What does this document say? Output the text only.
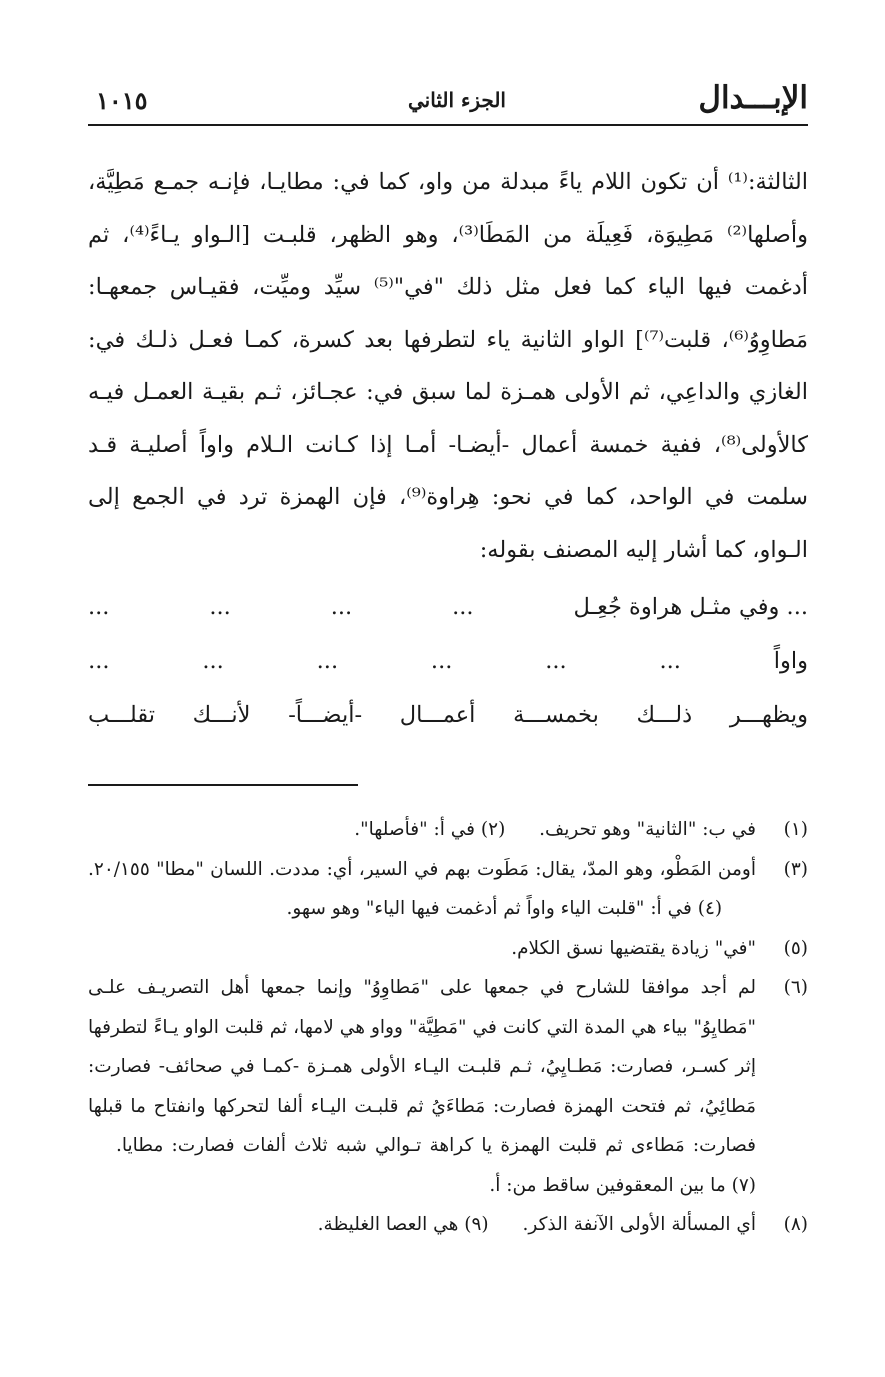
الإبـــدال
الجزء الثاني
١٠١٥

الثالثة:⁽¹⁾ أن تكون اللام ياءً مبدلة من واو، كما في: مطايـا، فإنـه جمـع مَطِيَّة، وأصلها⁽²⁾ مَطِيوَة، فَعِيلَة من المَطَا⁽³⁾، وهو الظهر، قلبـت [الـواو يـاءً⁽⁴⁾، ثم أدغمت فيها الياء كما فعل مثل ذلك "في"⁽⁵⁾ سيِّد وميِّت، فقيـاس جمعهـا: مَطاوِوُ⁽⁶⁾، قلبت⁽⁷⁾] الواو الثانية ياء لتطرفها بعد كسرة، كمـا فعـل ذلـك في: الغازي والداعِي، ثم الأولى همـزة لما سبق في: عجـائز، ثـم بقيـة العمـل فيـه كالأولى⁽⁸⁾، ففية خمسة أعمال -أيضـا- أمـا إذا كـانت الـلام واواً أصليـة قـد سلمت في الواحد، كما في نحو: هِراوة⁽⁹⁾، فإن الهمزة ترد في الجمع إلى الـواو، كما أشار إليه المصنف بقوله:

... وفي مثـل هراوة جُعِـل
...
...
...
...
واواً
...
...
...
...
...
...
ويظهـــر ذلـــك بخمســـة أعمـــال -أيضـــاً- لأنـــك تقلـــب
(١)
في ب: "الثانية" وهو تحريف. (٢) في أ: "فأصلها".
(٣)
أومن المَطْو، وهو المدّ، يقال: مَطَوت بهم في السير، أي: مددت. اللسان "مطا" ٢٠/١٥٥. (٤) في أ: "قلبت الياء واواً ثم أدغمت فيها الياء" وهو سهو.
(٥)
"في" زيادة يقتضيها نسق الكلام.
(٦)
لم أجد موافقا للشارح في جمعها على "مَطاوِوُ" وإنما جمعها أهل التصريـف علـى "مَطايِوُ" بياء هي المدة التي كانت في "مَطِيَّة" وواو هي لامها، ثم قلبت الواو يـاءً لتطرفها إثر كسـر، فصارت: مَطـايِيُ، ثـم قلبـت اليـاء الأولى همـزة -كمـا في صحائف- فصارت: مَطائِيُ، ثم فتحت الهمزة فصارت: مَطاءَيُ ثم قلبـت اليـاء ألفا لتحركها وانفتاح ما قبلها فصارت: مَطاءى ثم قلبت الهمزة يا كراهة تـوالي شبه ثلاث ألفات فصارت: مطايا. (٧) ما بين المعقوفين ساقط من: أ.
(٨)
أي المسألة الأولى الآنفة الذكر. (٩) هي العصا الغليظة.
